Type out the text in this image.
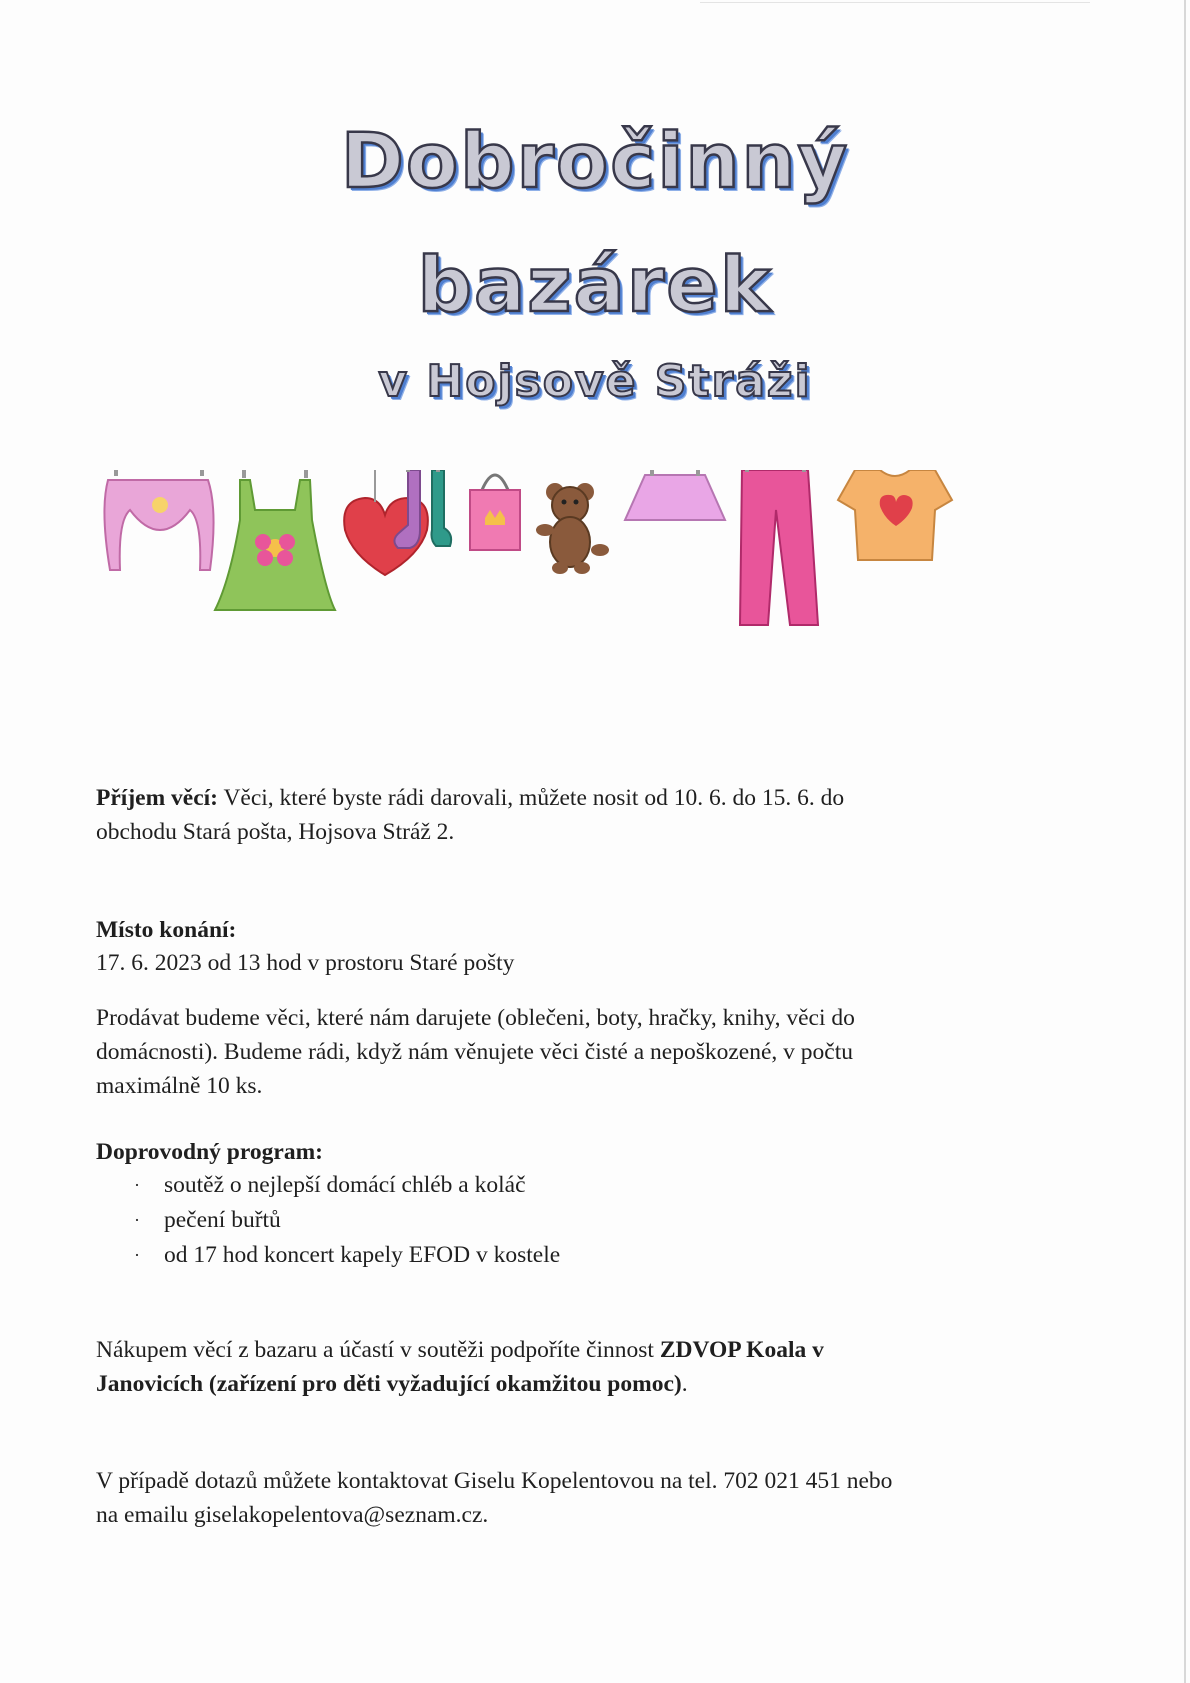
Dobročinný
bazárek
v Hojsově Stráži
Příjem věcí: Věci, které byste rádi darovali, můžete nosit od 10. 6. do 15. 6. do
obchodu Stará pošta, Hojsova Stráž 2.
Místo konání:
17. 6. 2023 od 13 hod v prostoru Staré pošty
Prodávat budeme věci, které nám darujete (oblečeni, boty, hračky, knihy, věci do
domácnosti). Budeme rádi, když nám věnujete věci čisté a nepoškozené, v počtu
maximálně 10 ks.
Doprovodný program:
· soutěž o nejlepší domácí chléb a koláč
· pečení buřtů
· od 17 hod koncert kapely EFOD v kostele
Nákupem věcí z bazaru a účastí v soutěži podpoříte činnost ZDVOP Koala v
Janovicích (zařízení pro děti vyžadující okamžitou pomoc).
V případě dotazů můžete kontaktovat Giselu Kopelentovou na tel. 702 021 451 nebo
na emailu giselakopelentova@seznam.cz.
